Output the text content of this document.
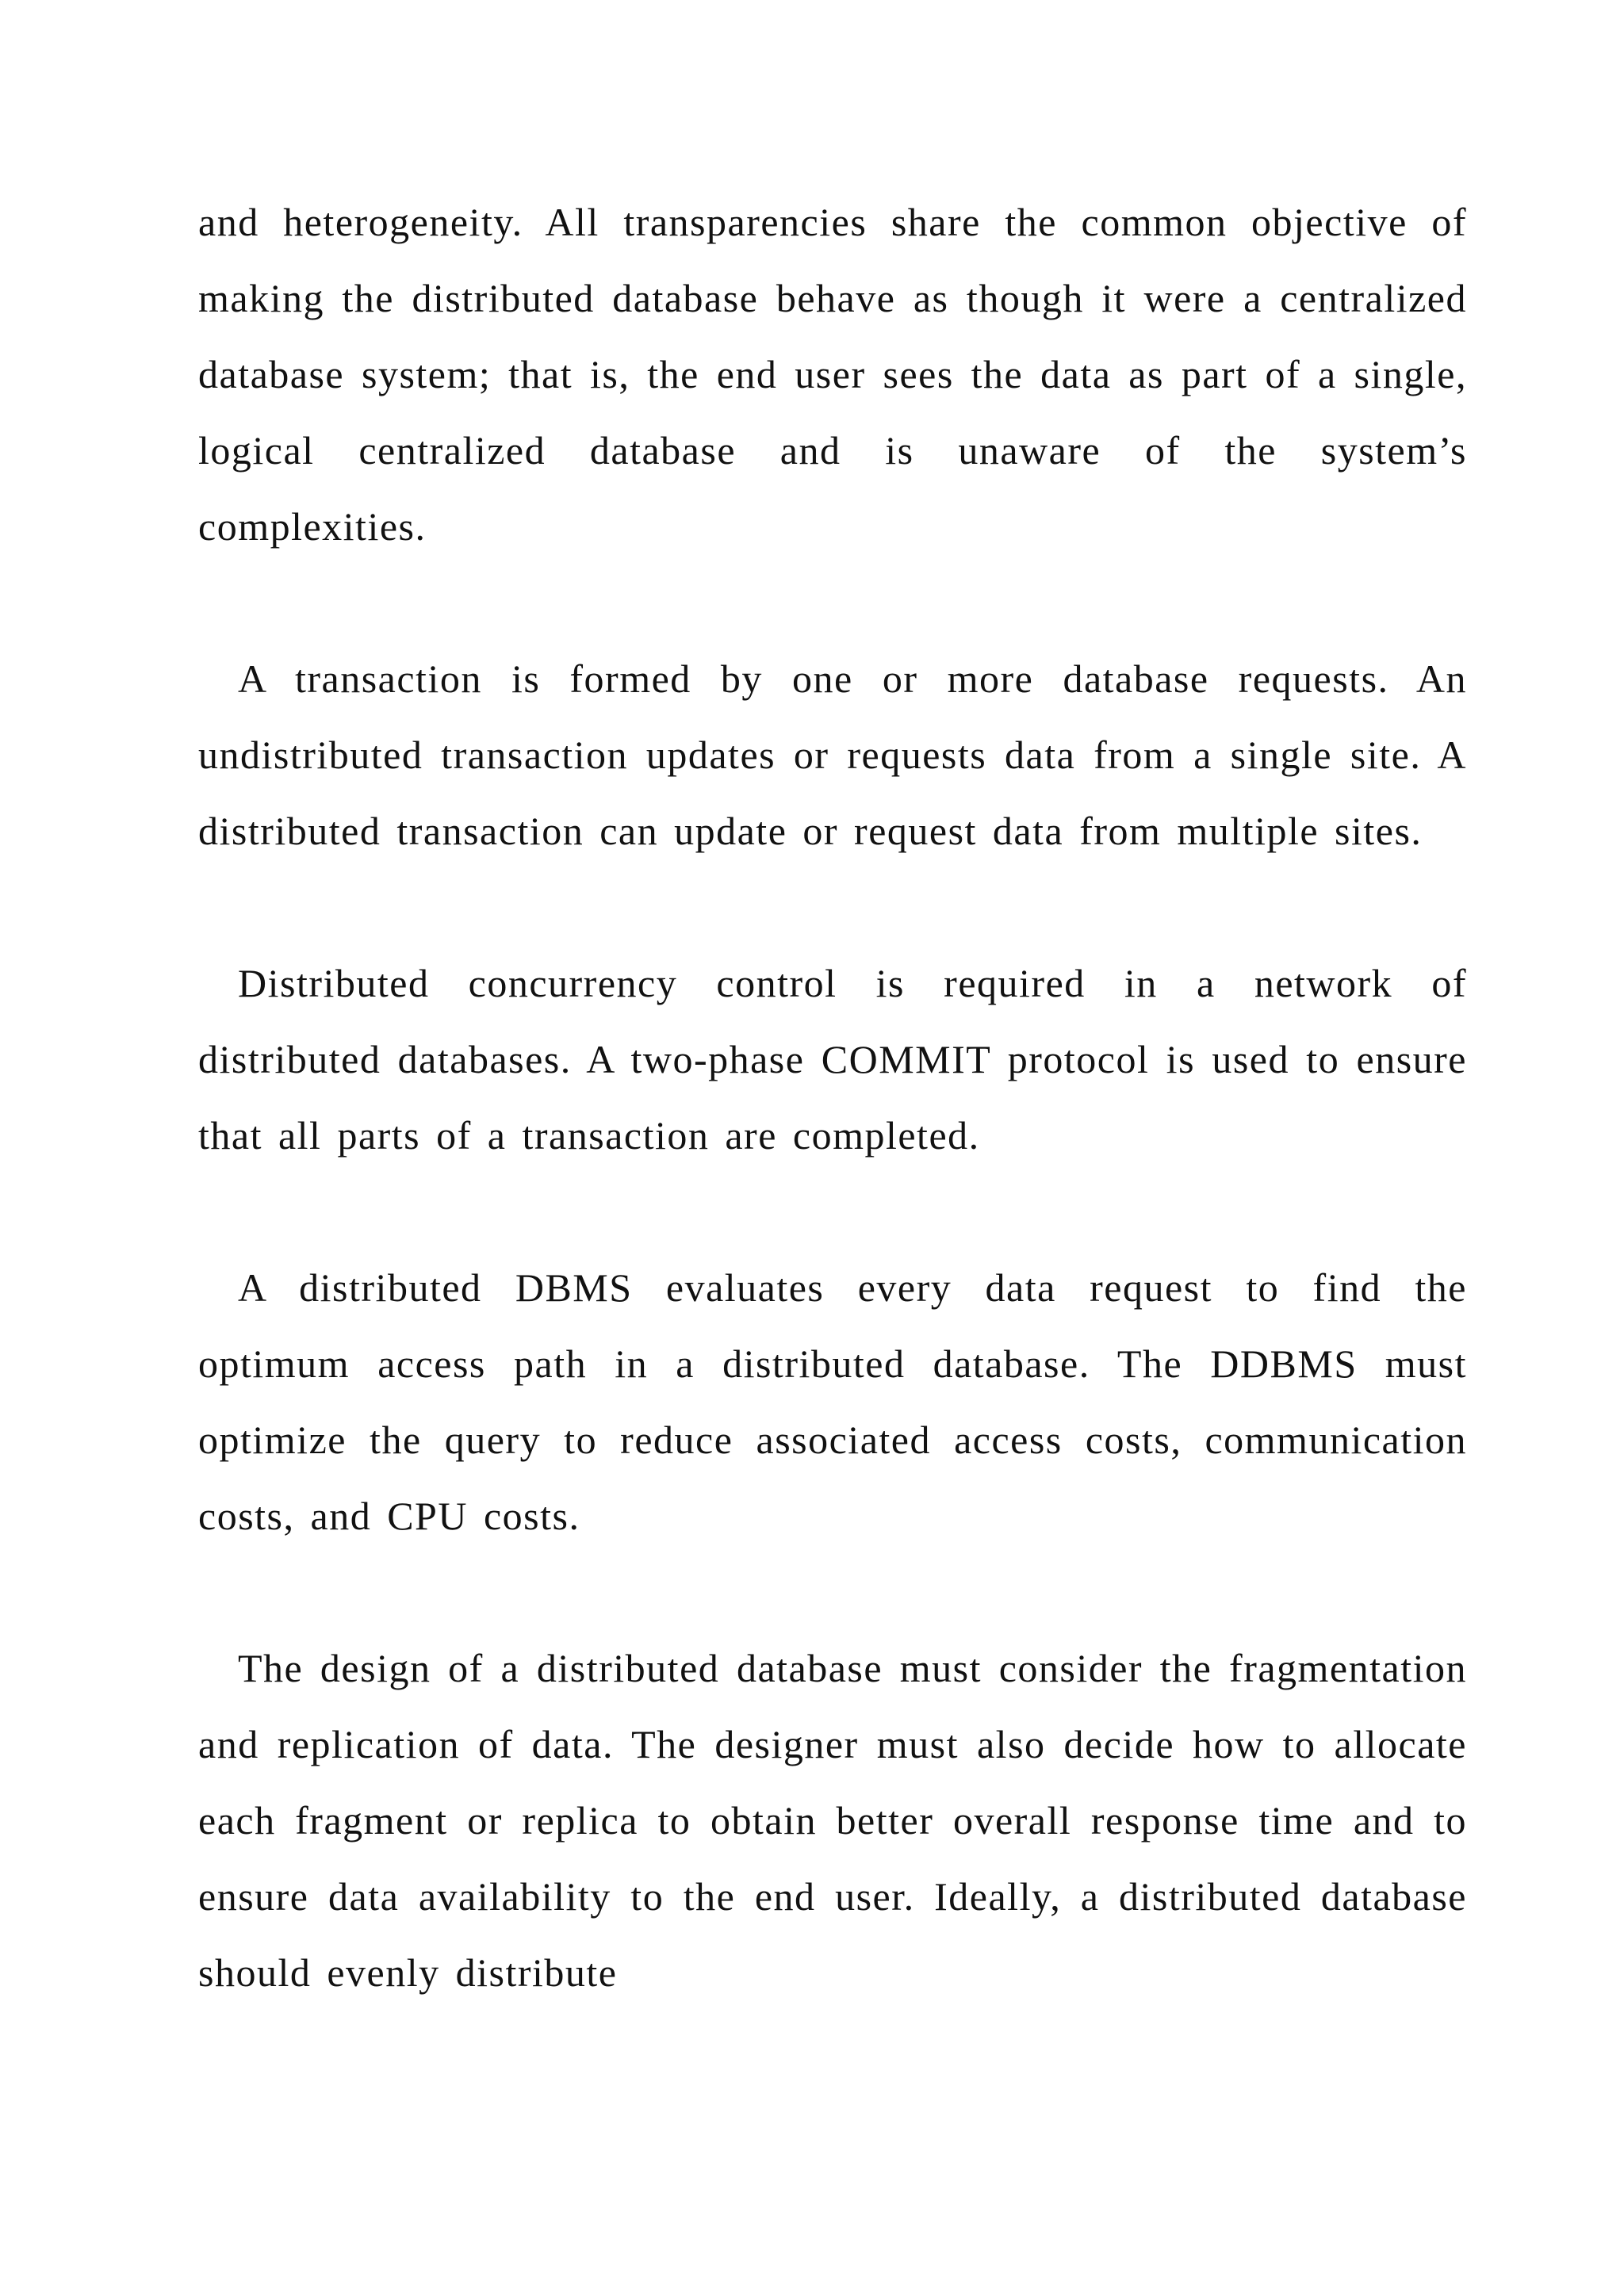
and heterogeneity. All transparencies share the common objective of making the distributed database behave as though it were a centralized database system; that is, the end user sees the data as part of a single, logical centralized database and is unaware of the system’s complexities.

A transaction is formed by one or more database requests. An undistributed transaction updates or requests data from a single site. A distributed transaction can update or request data from multiple sites.

Distributed concurrency control is required in a network of distributed databases. A two-phase COMMIT protocol is used to ensure that all parts of a transaction are completed.

A distributed DBMS evaluates every data request to find the optimum access path in a distributed database. The DDBMS must optimize the query to reduce associated access costs, communication costs, and CPU costs.

The design of a distributed database must consider the fragmentation and replication of data. The designer must also decide how to allocate each fragment or replica to obtain better overall response time and to ensure data availability to the end user. Ideally, a distributed database should evenly distribute
